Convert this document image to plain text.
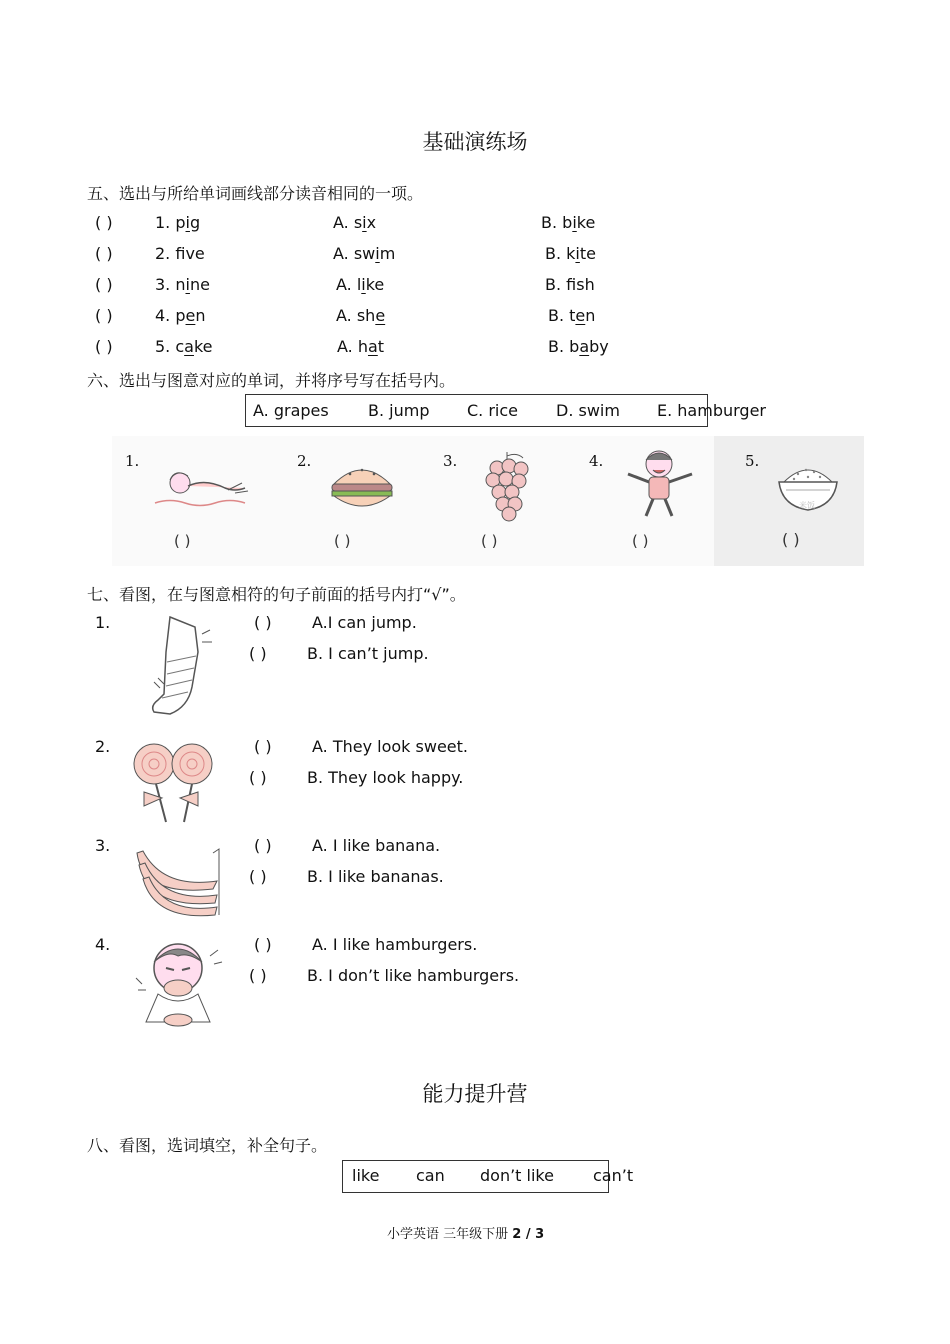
基础演练场
五、选出与所给单词画线部分读音相同的一项。
( )	1. pig	A. six	B. bike
( )	2. fve	A. swim	B. kite
( )	3. nine	A. like	B. fsh
( )	4. pen	A. she	B. ten
( )	5. cake	A. hat	B. baby
六、选出与图意对应的单词，并将序号写在括号内。
A. grapes B. jump C. rice D. swim E. hamburger
1.	2.	3.	4.	5.
米饭
( )	( )	( )	( )	( )
七、看图，在与图意相符的句子前面的括号内打“√”。
1.	( )	A.I can jump.
( )	B. I can’t jump.
2.	( )	A. They look sweet.
( )	B. They look happy.
3.	( )	A. I like banana.
( )	B. I like bananas.
4.	( )	A. I like hamburgers.
( )	B. I don’t like hamburgers.
能力提升营
八、看图，选词填空，补全句子。
like can don’t like can’t
小学英语 三年级下册 2 / 3
